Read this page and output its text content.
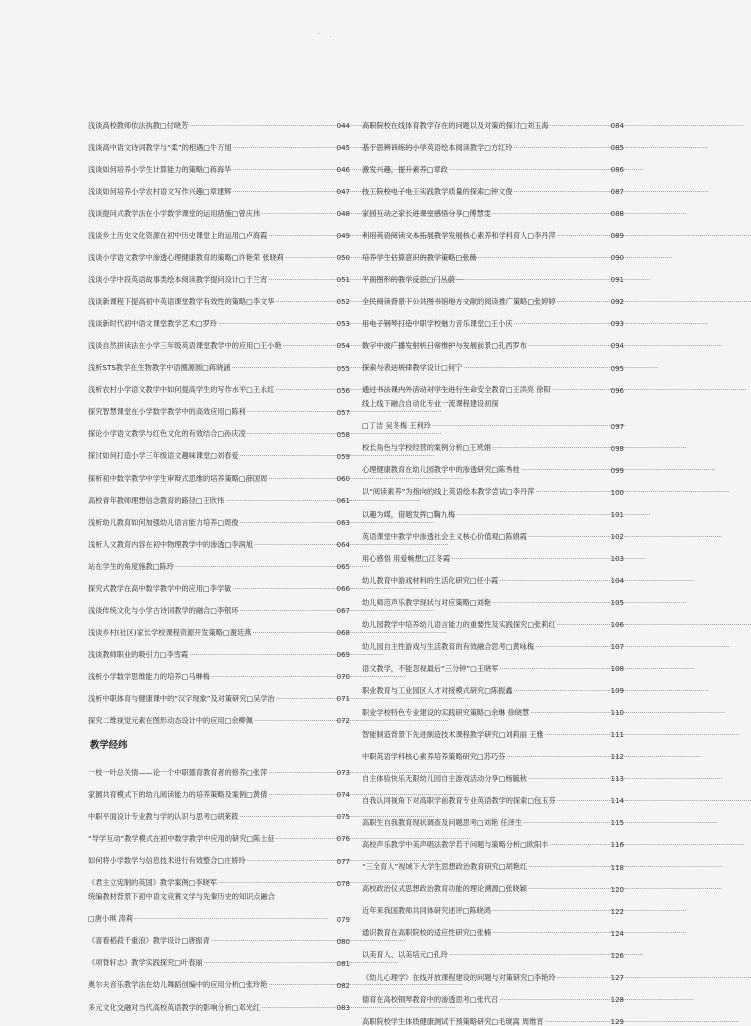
' .
浅谈高校教师依法执教□付晓芳 ·····	044
浅谈高中语文诗词教学与“柔”的相遇□牛万旭 ·····	045
浅谈如何培养小学生计算能力的策略□蒋海华 ·····	046
浅谈如何培养小学农村语文写作兴趣□章建辉 ·····	047
浅谈提问式教学法在小学数学课堂的运用措施□曾庆伟 ·····	048
浅谈乡土历史文化资源在初中历史课堂上的运用□卢海霞 ·····	049
浅谈小学语文教学中渗透心理健康教育的策略□许艳荣 张晓莉 ·····	050
浅谈小学中段英语故事类绘本阅读教学提问设计□于兰宵 ·····	051
浅谈新课程下提高初中英语课堂教学有效性的策略□李文华 ·····	052
浅谈新时代初中语文课堂教学艺术□罗玲 ·····	053
浅谈自然拼读法在小学三年级英语课堂教学中的应用□王小艳 ·····	054
浅析STS教学在生物教学中语圈源圆□蒋晓涵 ·····	055
浅析农村小学语文教学中如何提高学生的写作水平□王永红 ·····	056
探究智慧课堂在小学数学教学中的高效应用□陈利 ·····	057
探论小学语文教学与红色文化的有效结合□孙庆凌 ·····	058
探讨如何打造小学三年级语文趣味课堂□刘春爱 ·····	059
探析初中数学教学中学生审辩式思维的培养策略□薛国周 ·····	060
高校青年教师理想信念教育的路径□王欣伟 ·····	061
浅析幼儿教育如何加强幼儿语言能力培养□周俊 ·····	063
浅析人文教育内容在初中物理教学中的渗透□李润旭 ·····	064
站在学生的角度施教□陈玲 ·····	065
探究式教学在高中数学教学中的应用□李学敏 ·····	066
浅谈传统文化与小学古诗词教学的融合□李银环 ·····	067
浅谈乡村(社区)家长学校课程资源开发策略□谢廷燕 ·····	068
浅谈教师职业的吸引力□李雪霞 ·····	069
浅析小学数学思维能力的培养□马琳梅 ·····	070
浅析中职体育与健康课中的“汉字现象”及对策研究□吴学治 ·····	071
探究二维视觉元素在图形动态设计中的应用□余柳佩 ·····	072
教学经纬
一枝一叶总关情——论一个中职德育教育者的修养□张萍 ·····	073
家園共育模式下的幼儿阅读能力的培养策略及案例□黄倩 ·····	074
中职平面设计专业教与学的认识与思考□胡莱筱 ·····	075
“导学互动”教学模式在初中数学教学中应用的研究□陈士征 ·····	076
如何将小学数学与信息技术进行有效整合□庄娇玲 ·····	077
《君主立宪制的英国》教学案例□李晓军 ·····	078
统编教材背景下初中语文竞赛文学与先秦历史的知识点融合
□唐小琪 涛莉 ·····	079
《喜看稻菽千重浪》教学设计□唐振青 ·····	080
《项脊轩志》教学实践探究□叶春丽 ·····	081
奥尔夫音乐教学法在幼儿舞蹈创编中的应用分析□张玲艳 ·····	082
多元文化交融对当代高校英语教学的影响分析□邓光红 ·····	083
高职院校在线体育教学存在的问题以及对策的探讨□刘玉海 ·····	084
基于思辨训练的小学英语绘本阅读教学□方红玲 ·····	085
激发兴趣，提升素养□章政 ·····	086
技工院校电子电工实践教学质量的探索□钟文俊 ·····	087
家园互动之家长进课堂感悟分享□傅慧雯 ·····	088
利用英语阅读文本拓展教学发展核心素养和学科育人□李丹萍 ·····	089
培养学生估算意识的教学策略□张薇 ·····	090
平面图形的教学反思□门丛蔚 ·····	091
全民阅读背景下公共图书馆地方文献的阅读推广策略□张婷婷 ·····	092
用电子钢琴打造中职学校魅力音乐课堂□王小庆 ·····	093
数字中波广播发射机日常维护与发展前景□孔西罗布 ·····	094
探索与表达规律教学设计□何宁 ·····	095
通过书法课内外活动对学生进行生命安全教育□王洪亮 徐阳 ·····	096
线上线下融合自动化专业一流课程建设初探
□丁洁 吴冬梅 王利玲 ·····	097
校长角色与学校经营的案例分析□王玳娟 ·····	098
心理健康教育在幼儿园教学中的渗透研究□陈秀桂 ·····	099
以“阅读素养”为指向的线上英语绘本教学尝试□李丹萍 ·····	100
以趣为媒，借题发挥□鞠九梅 ·····	101
英语课堂中教学中渗透社会主义核心价值观□陈娟霞 ·····	102
用心感悟 用爱畅想□江冬霞 ·····	103
幼儿教育中游戏材料的生活化研究□任小霞 ·····	104
幼儿师范声乐教学现状与对应策略□刘艳 ·····	105
幼儿园教学中培养幼儿语言能力的重要性及实践探究□张莉红 ·····	106
幼儿园自主性游戏与生活教育的有效融合思考□黄咏梅 ·····	107
语文教学，不能忽视最后“三分钟”□王晓军 ·····	108
职业教育与工业园区人才对接模式研究□陈振鑫 ·····	109
职业学校特色专业建设的实践研究策略□余琳 徐晓慧 ·····	110
智能制造背景下先进制造技术课程教学研究□刘莉丽 王雅 ·····	111
中职英语学科核心素养培养策略研究□苏巧芬 ·····	112
自主体验快乐无限幼儿园自主游戏活动分享□杨毓秋 ·····	113
自我认同视角下对高职学前教育专业英语教学的探索□包玉芬 ·····	114
高职生自我教育现状调查及问题思考□刘艳 任泽生 ·····	115
高校声乐教学中美声唱法教学若干问题与策略分析□欧阳丰 ·····	116
“三全育人”视域下大学生思想政治教育研究□胡艳红 ·····	118
高校政治仪式思想政治教育功能的理论溯源□张晓颖 ·····	120
近年来我国教师共同体研究述评□陈晓鸿 ·····	122
通识教育在高职院校的适应性研究□张楠 ·····	124
以美育人、以美培元□孔玲 ·····	126
《幼儿心理学》在线开放课程建设的问题与对策研究□李艳玲 ·····	127
德育在高校钢琴教育中的渗透思考□张代召 ·····	128
高职院校学生体质健康测试干预策略研究□毛琥嵩 周维宵 ·····	129
